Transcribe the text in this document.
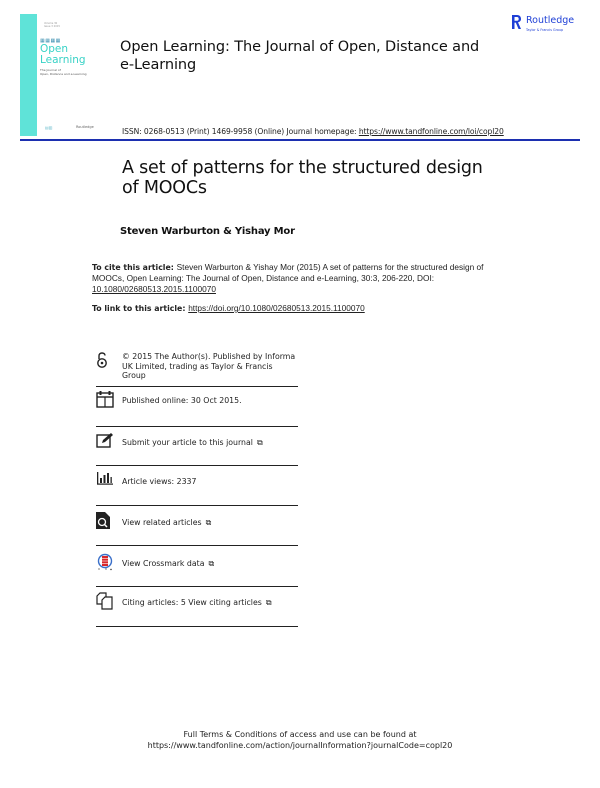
Volume 30 Issue 3 2015
▦▦▦▦
Open Learning
The Journal of
Open, Distance and e-Learning
▤▥	Routledge
Open Learning: The Journal of Open, Distance and e-Learning
Routledge
Taylor & Francis Group
ISSN: 0268-0513 (Print) 1469-9958 (Online) Journal homepage: https://www.tandfonline.com/loi/copl20
A set of patterns for the structured design of MOOCs
Steven Warburton & Yishay Mor
To cite this article: Steven Warburton & Yishay Mor (2015) A set of patterns for the structured design of MOOCs, Open Learning: The Journal of Open, Distance and e-Learning, 30:3, 206-220, DOI: 10.1080/02680513.2015.1100070
To link to this article: https://doi.org/10.1080/02680513.2015.1100070
© 2015 The Author(s). Published by Informa UK Limited, trading as Taylor & Francis Group
Published online: 30 Oct 2015.
Submit your article to this journal ⧉
Article views: 2337
View related articles ⧉
View Crossmark data ⧉
Citing articles: 5 View citing articles ⧉
Full Terms & Conditions of access and use can be found at
https://www.tandfonline.com/action/journalInformation?journalCode=copl20
